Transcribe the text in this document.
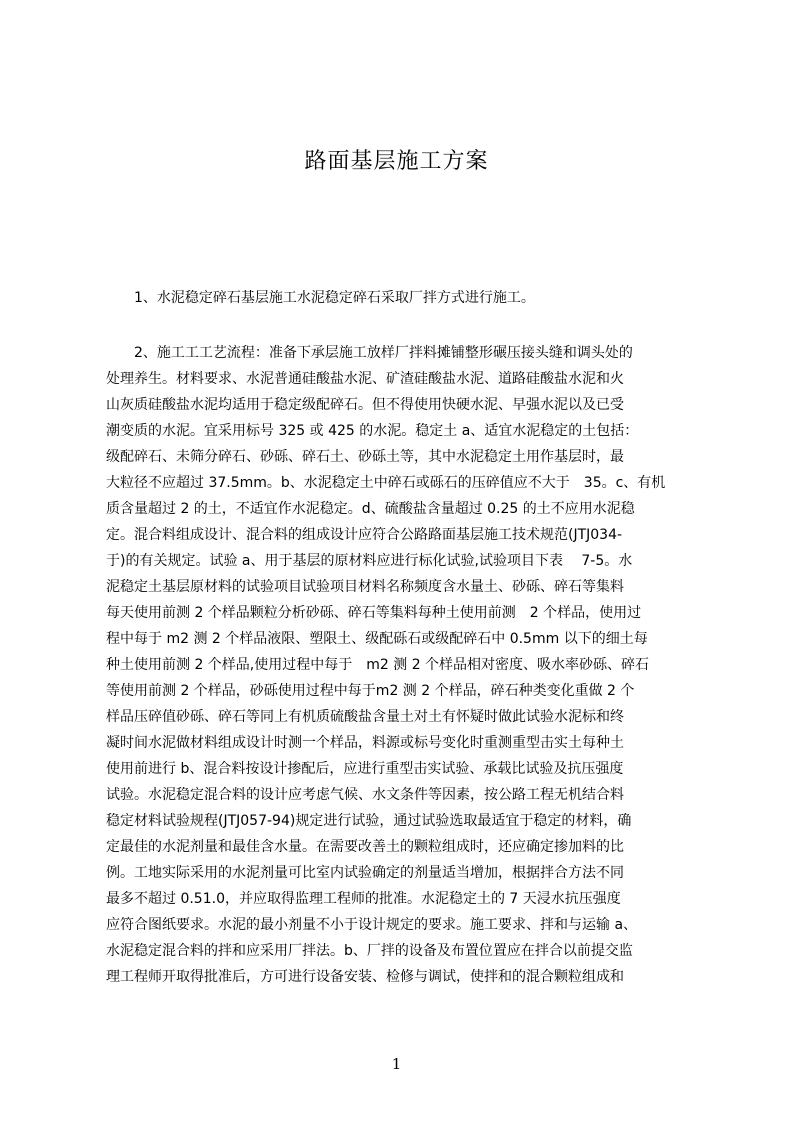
路面基层施工方案

　　1、水泥稳定碎石基层施工水泥稳定碎石采取厂拌方式进行施工。

　　2、施工工工艺流程：准备下承层施工放样厂拌料摊铺整形碾压接头缝和调头处的
处理养生。材料要求、水泥普通硅酸盐水泥、矿渣硅酸盐水泥、道路硅酸盐水泥和火
山灰质硅酸盐水泥均适用于稳定级配碎石。但不得使用快硬水泥、早强水泥以及已受
潮变质的水泥。宜采用标号 325 或 425 的水泥。稳定土 a、适宜水泥稳定的土包括：
级配碎石、未筛分碎石、砂砾、碎石土、砂砾土等，其中水泥稳定土用作基层时，最
大粒径不应超过 37.5mm。b、水泥稳定土中碎石或砾石的压碎值应不大于　35。c、有机
质含量超过 2 的土，不适宜作水泥稳定。d、硫酸盐含量超过 0.25 的土不应用水泥稳
定。混合料组成设计、混合料的组成设计应符合公路路面基层施工技术规范(JTJ034-
于)的有关规定。试验 a、用于基层的原材料应进行标化试验,试验项目下表　 7-5。水
泥稳定土基层原材料的试验项目试验项目材料名称频度含水量土、砂砾、碎石等集料
每天使用前测 2 个样品颗粒分析砂砾、碎石等集料每种土使用前测　2 个样品，使用过
程中每于 m2 测 2 个样品液限、塑限土、级配砾石或级配碎石中 0.5mm 以下的细土每
种土使用前测 2 个样品,使用过程中每于　m2 测 2 个样品相对密度、吸水率砂砾、碎石
等使用前测 2 个样品，砂砾使用过程中每于m2 测 2 个样品，碎石种类变化重做 2 个
样品压碎值砂砾、碎石等同上有机质硫酸盐含量土对土有怀疑时做此试验水泥标和终
凝时间水泥做材料组成设计时测一个样品，料源或标号变化时重测重型击实土每种土
使用前进行 b、混合料按设计掺配后，应进行重型击实试验、承载比试验及抗压强度
试验。水泥稳定混合料的设计应考虑气候、水文条件等因素，按公路工程无机结合料
稳定材料试验规程(JTJ057-94)规定进行试验，通过试验选取最适宜于稳定的材料，确
定最佳的水泥剂量和最佳含水量。在需要改善土的颗粒组成时，还应确定掺加料的比
例。工地实际采用的水泥剂量可比室内试验确定的剂量适当增加，根据拌合方法不同
最多不超过 0.51.0，并应取得监理工程师的批准。水泥稳定土的 7 天浸水抗压强度
应符合图纸要求。水泥的最小剂量不小于设计规定的要求。施工要求、拌和与运输 a、
水泥稳定混合料的拌和应采用厂拌法。b、厂拌的设备及布置位置应在拌合以前提交监
理工程师开取得批准后，方可进行设备安装、检修与调试，使拌和的混合颗粒组成和

1
